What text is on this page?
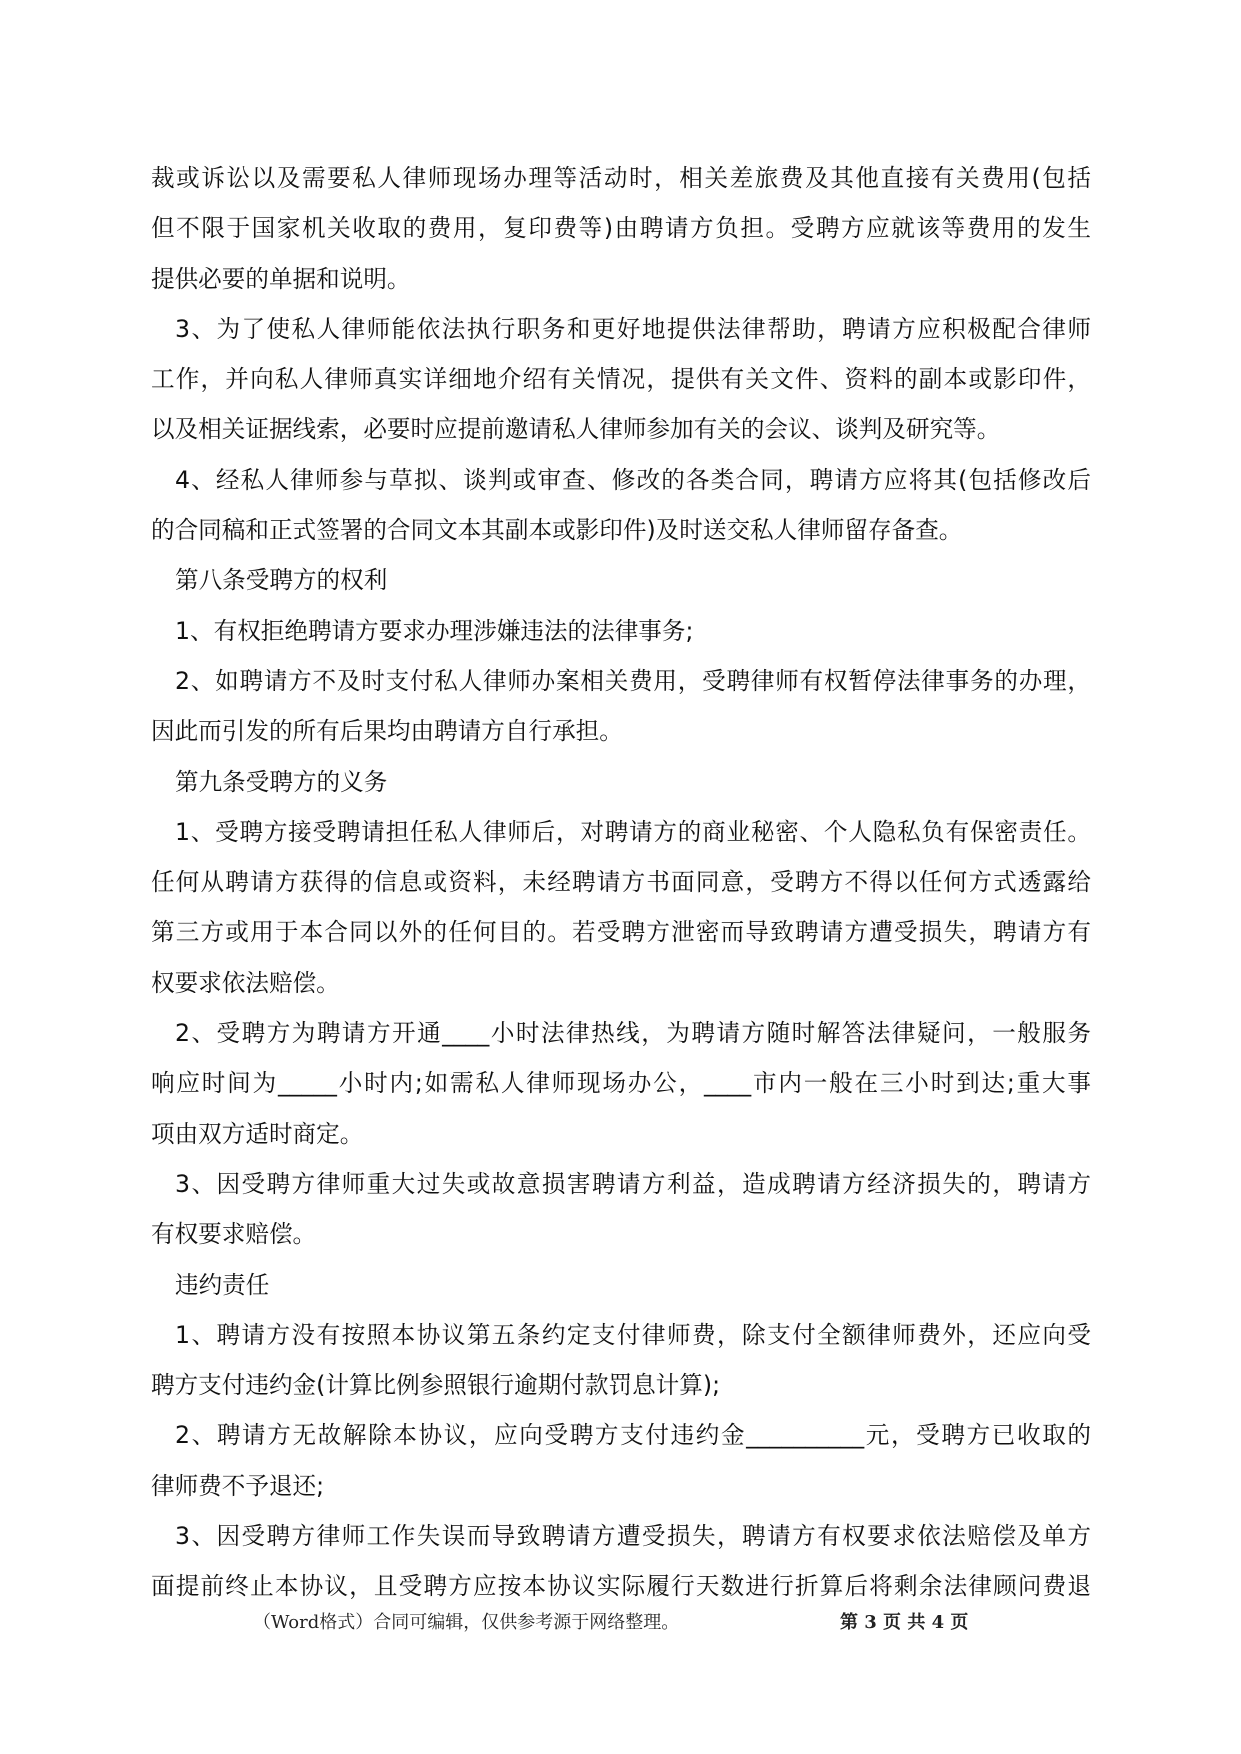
裁或诉讼以及需要私人律师现场办理等活动时，相关差旅费及其他直接有关费用(包括
但不限于国家机关收取的费用，复印费等)由聘请方负担。受聘方应就该等费用的发生
提供必要的单据和说明。
3、为了使私人律师能依法执行职务和更好地提供法律帮助，聘请方应积极配合律师
工作，并向私人律师真实详细地介绍有关情况，提供有关文件、资料的副本或影印件，
以及相关证据线索，必要时应提前邀请私人律师参加有关的会议、谈判及研究等。
4、经私人律师参与草拟、谈判或审查、修改的各类合同，聘请方应将其(包括修改后
的合同稿和正式签署的合同文本其副本或影印件)及时送交私人律师留存备查。
第八条受聘方的权利
1、有权拒绝聘请方要求办理涉嫌违法的法律事务;
2、如聘请方不及时支付私人律师办案相关费用，受聘律师有权暂停法律事务的办理，
因此而引发的所有后果均由聘请方自行承担。
第九条受聘方的义务
1、受聘方接受聘请担任私人律师后，对聘请方的商业秘密、个人隐私负有保密责任。
任何从聘请方获得的信息或资料，未经聘请方书面同意，受聘方不得以任何方式透露给
第三方或用于本合同以外的任何目的。若受聘方泄密而导致聘请方遭受损失，聘请方有
权要求依法赔偿。
2、受聘方为聘请方开通____小时法律热线，为聘请方随时解答法律疑问，一般服务
响应时间为_____小时内;如需私人律师现场办公，____市内一般在三小时到达;重大事
项由双方适时商定。
3、因受聘方律师重大过失或故意损害聘请方利益，造成聘请方经济损失的，聘请方
有权要求赔偿。
违约责任
1、聘请方没有按照本协议第五条约定支付律师费，除支付全额律师费外，还应向受
聘方支付违约金(计算比例参照银行逾期付款罚息计算);
2、聘请方无故解除本协议，应向受聘方支付违约金__________元，受聘方已收取的
律师费不予退还;
3、因受聘方律师工作失误而导致聘请方遭受损失，聘请方有权要求依法赔偿及单方
面提前终止本协议，且受聘方应按本协议实际履行天数进行折算后将剩余法律顾问费退
（Word格式）合同可编辑，仅供参考源于网络整理。	第 3 页 共 4 页
